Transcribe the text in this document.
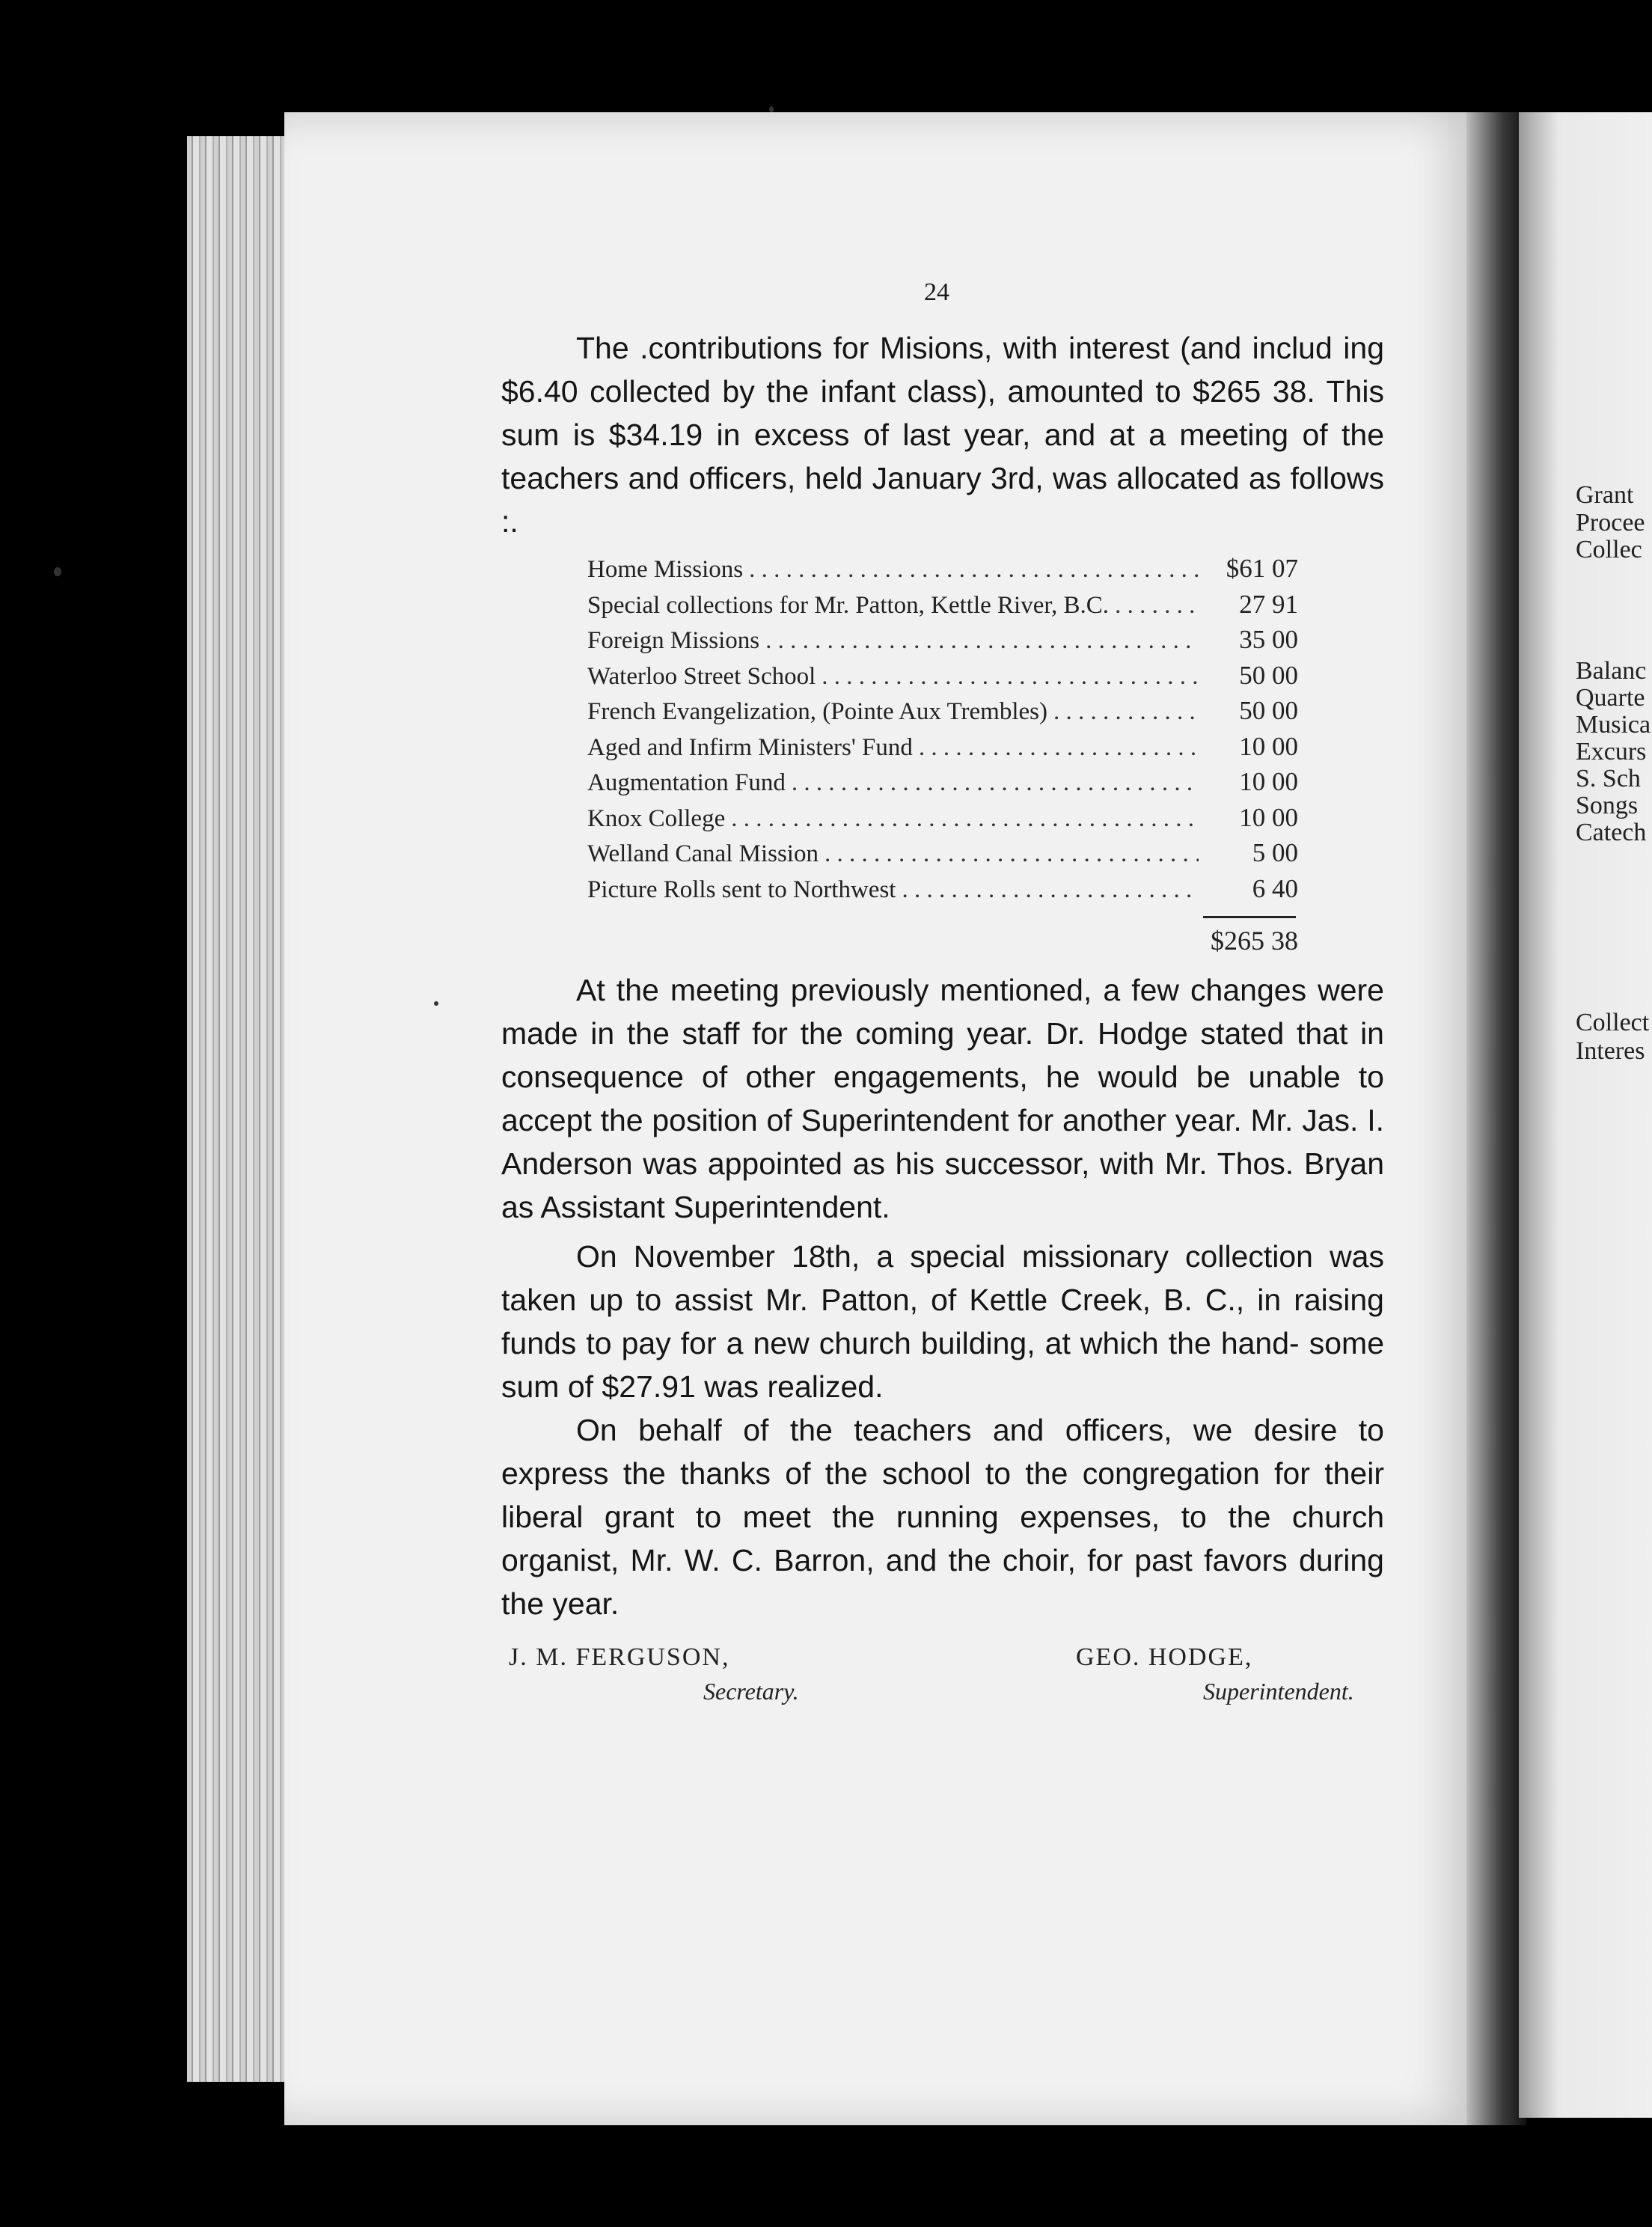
Grant
Procee
Collec
Balanc
Quarte
Musica
Excurs
S. Sch
Songs
Catech
Collect
Interes
24

The .contributions for Misions, with interest (and includ ing $6.40 collected by the infant class), amounted to $265 38. This sum is $34.19 in excess of last year, and at a meeting of the teachers and officers, held January 3rd, was allocated as follows :.

Home Missions . . .	$61 07
Special collections for Mr. Patton, Kettle River, B.C. . . .	27 91
Foreign Missions . . .	35 00
Waterloo Street School . . .	50 00
French Evangelization, (Pointe Aux Trembles) . . .	50 00
Aged and Infirm Ministers' Fund . . .	10 00
Augmentation Fund . . .	10 00
Knox College . . .	10 00
Welland Canal Mission . . .	5 00
Picture Rolls sent to Northwest . . .	6 40
$265 38

At the meeting previously mentioned, a few changes were made in the staff for the coming year. Dr. Hodge stated that in consequence of other engagements, he would be unable to accept the position of Superintendent for another year. Mr. Jas. I. Anderson was appointed as his successor, with Mr. Thos. Bryan as Assistant Superintendent.

On November 18th, a special missionary collection was taken up to assist Mr. Patton, of Kettle Creek, B. C., in raising funds to pay for a new church building, at which the hand- some sum of $27.91 was realized.

On behalf of the teachers and officers, we desire to express the thanks of the school to the congregation for their liberal grant to meet the running expenses, to the church organist, Mr. W. C. Barron, and the choir, for past favors during the year.

J. M. FERGUSON,
Secretary.
GEO. HODGE,
Superintendent.
